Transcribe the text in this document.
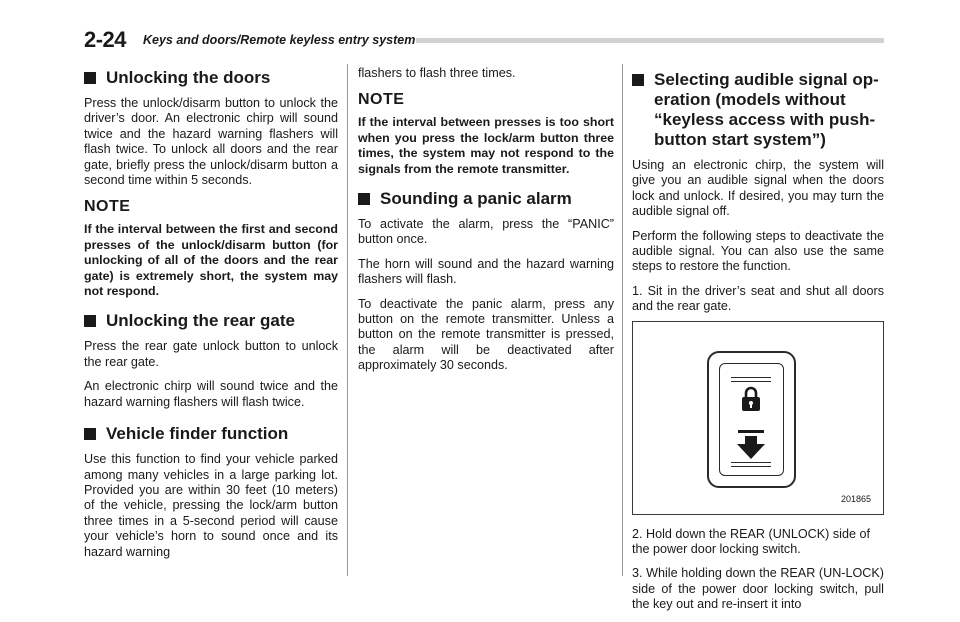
2-24 Keys and doors/Remote keyless entry system
Unlocking the doors

Press the unlock/disarm button to unlock the driver’s door. An electronic chirp will sound twice and the hazard warning flashers will flash twice. To unlock all doors and the rear gate, briefly press the unlock/disarm button a second time within 5 seconds.

NOTE

If the interval between the first and second presses of the unlock/disarm button (for unlocking of all of the doors and the rear gate) is extremely short, the system may not respond.

Unlocking the rear gate

Press the rear gate unlock button to unlock the rear gate.

An electronic chirp will sound twice and the hazard warning flashers will flash twice.

Vehicle finder function

Use this function to find your vehicle parked among many vehicles in a large parking lot. Provided you are within 30 feet (10 meters) of the vehicle, pressing the lock/arm button three times in a 5-second period will cause your vehicle’s horn to sound once and its hazard warning

flashers to flash three times.

NOTE

If the interval between presses is too short when you press the lock/arm button three times, the system may not respond to the signals from the remote transmitter.

Sounding a panic alarm

To activate the alarm, press the “PANIC” button once.

The horn will sound and the hazard warning flashers will flash.

To deactivate the panic alarm, press any button on the remote transmitter. Unless a button on the remote transmitter is pressed, the alarm will be deactivated after approximately 30 seconds.

Selecting audible signal op-eration (models without “keyless access with push-button start system”)

Using an electronic chirp, the system will give you an audible signal when the doors lock and unlock. If desired, you may turn the audible signal off.

Perform the following steps to deactivate the audible signal. You can also use the same steps to restore the function.

1. Sit in the driver’s seat and shut all doors and the rear gate.

201865

2. Hold down the REAR (UNLOCK) side of the power door locking switch.

3. While holding down the REAR (UN-LOCK) side of the power door locking switch, pull the key out and re-insert it into
